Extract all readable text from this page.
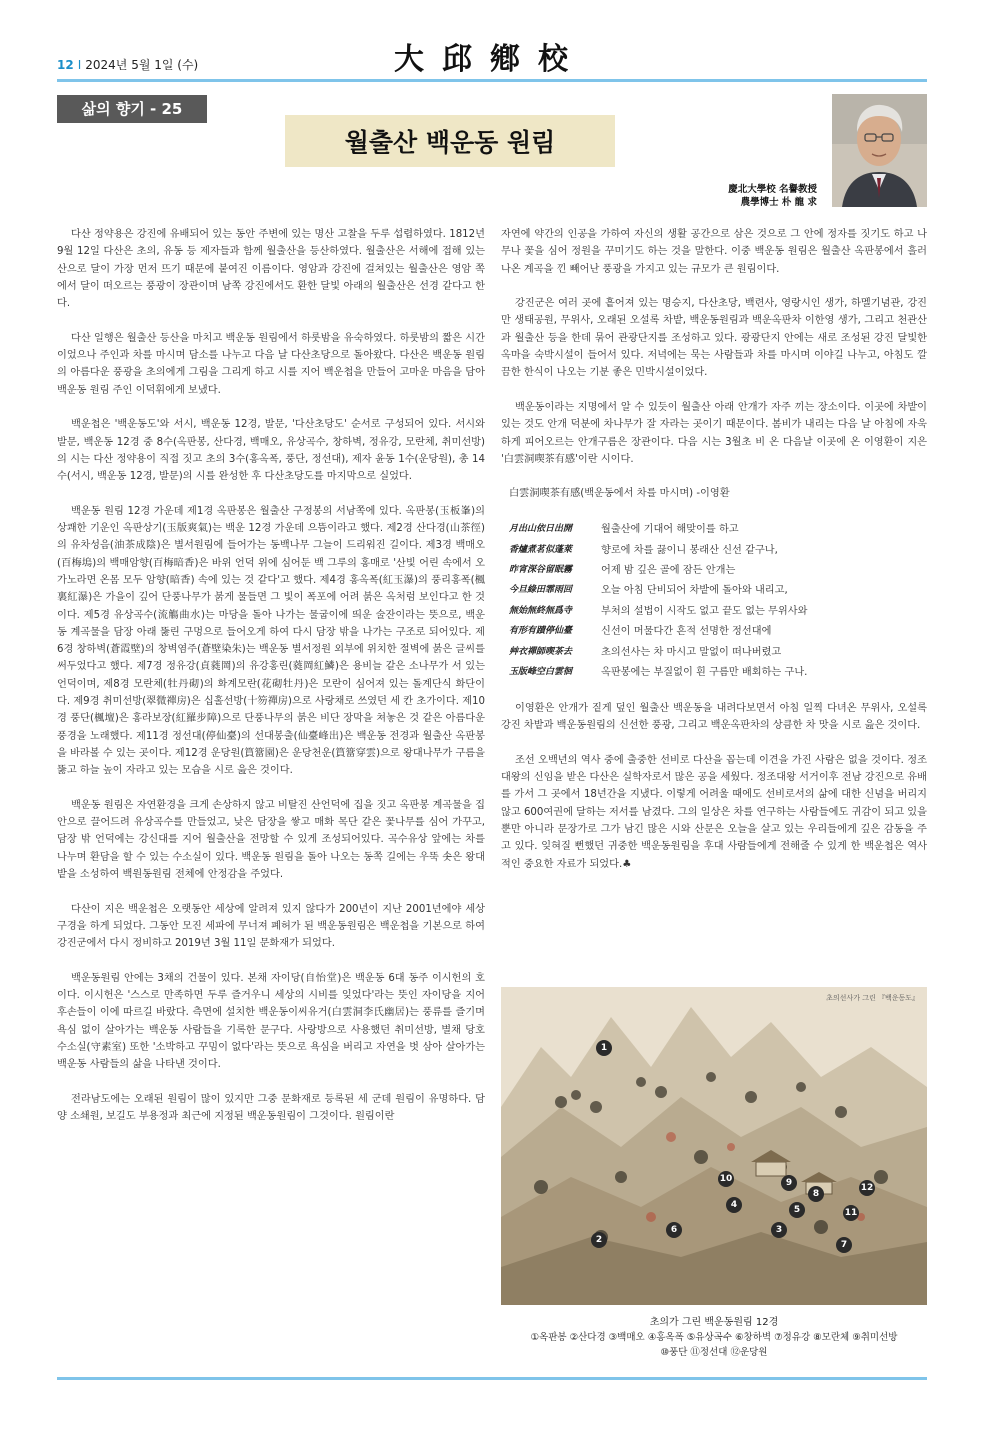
12 I 2024년 5월 1일 (수)	大邱鄕校
삶의 향기 - 25
월출산 백운동 원림
慶北大學校 名譽教授
農學博士 朴 龍 求

다산 정약용은 강진에 유배되어 있는 동안 주변에 있는 명산 고찰을 두루 섭렵하였다. 1812년 9월 12일 다산은 초의, 유동 등 제자들과 함께 월출산을 등산하였다. 월출산은 서해에 접해 있는 산으로 달이 가장 먼저 뜨기 때문에 붙여진 이름이다. 영암과 강진에 걸쳐있는 월출산은 영암 쪽에서 달이 떠오르는 풍광이 장관이며 남쪽 강진에서도 환한 달빛 아래의 월출산은 선경 같다고 한다.

다산 일행은 월출산 등산을 마치고 백운동 원림에서 하룻밤을 유숙하였다. 하룻밤의 짧은 시간이었으나 주인과 차를 마시며 담소를 나누고 다음 날 다산초당으로 돌아왔다. 다산은 백운동 원림의 아름다운 풍광을 초의에게 그림을 그리게 하고 시를 지어 백운첩을 만들어 고마운 마음을 담아 백운동 원림 주인 이덕휘에게 보냈다.

백운첩은 '백운동도'와 서시, 백운동 12경, 발문, '다산초당도' 순서로 구성되어 있다. 서시와 발문, 백운동 12경 중 8수(옥판봉, 산다경, 백매오, 유상곡수, 창하벽, 정유강, 모란체, 취미선방)의 시는 다산 정약용이 직접 짓고 초의 3수(홍옥폭, 풍단, 정선대), 제자 윤동 1수(운당원), 총 14수(서시, 백운동 12경, 발문)의 시를 완성한 후 다산초당도를 마지막으로 실었다.

백운동 원림 12경 가운데 제1경 옥판봉은 월출산 구정봉의 서남쪽에 있다. 옥판봉(玉板峯)의 상쾌한 기운인 옥판상기(玉版爽氣)는 백운 12경 가운데 으뜸이라고 했다. 제2경 산다경(山茶徑)의 유차성음(油茶成陰)은 별서원림에 들어가는 동백나무 그늘이 드리워진 길이다. 제3경 백매오(百梅塢)의 백매암향(百梅暗香)은 바위 언덕 위에 심어둔 백 그루의 홍매로 '산빛 어린 속에서 오가노라면 온몸 모두 암향(暗香) 속에 있는 것 같다'고 했다. 제4경 홍옥폭(紅玉瀑)의 풍리홍폭(楓裏紅瀑)은 가을이 깊어 단풍나무가 붉게 물들면 그 빛이 폭포에 어려 붉은 옥처럼 보인다고 한 것이다. 제5경 유상곡수(流觴曲水)는 마당을 돌아 나가는 물굽이에 띄운 술잔이라는 뜻으로, 백운동 계곡물을 담장 아래 뚫린 구멍으로 들어오게 하여 다시 담장 밖을 나가는 구조로 되어있다. 제6경 창하벽(蒼霞壁)의 창벽염주(蒼壁染朱)는 백운동 별서정원 외부에 위치한 절벽에 붉은 글씨를 써두었다고 했다. 제7경 정유강(貞蕤岡)의 유강홍린(蕤岡紅鱗)은 용비늘 같은 소나무가 서 있는 언덕이며, 제8경 모란체(牡丹砌)의 화계모란(花砌牡丹)은 모란이 심어져 있는 돌계단식 화단이다. 제9경 취미선방(翠微禪房)은 십홀선방(十笏禪房)으로 사랑채로 쓰였던 세 칸 초가이다. 제10경 풍단(楓壇)은 홍라보장(紅羅步障)으로 단풍나무의 붉은 비단 장막을 쳐놓은 것 같은 아름다운 풍경을 노래했다. 제11경 정선대(停仙臺)의 선대봉출(仙臺峰出)은 백운동 전경과 월출산 옥판봉을 바라볼 수 있는 곳이다. 제12경 운당원(篔簹園)은 운당천운(篔簹穿雲)으로 왕대나무가 구름을 뚫고 하늘 높이 자라고 있는 모습을 시로 읊은 것이다.

백운동 원림은 자연환경을 크게 손상하지 않고 비탈진 산언덕에 집을 짓고 옥판봉 계곡물을 집안으로 끌어드려 유상곡수를 만들었고, 낮은 담장을 쌓고 매화 목단 같은 꽃나무를 심어 가꾸고, 담장 밖 언덕에는 강신대를 지어 월출산을 전망할 수 있게 조성되어있다. 곡수유상 앞에는 차를 나누며 환담을 할 수 있는 수소실이 있다. 백운동 원림을 돌아 나오는 동쪽 길에는 우뚝 솟은 왕대밭을 소성하여 백원동원림 전체에 안정감을 주었다.

다산이 지은 백운첩은 오랫동안 세상에 알려져 있지 않다가 200년이 지난 2001년에야 세상구경을 하게 되었다. 그동안 모진 세파에 무너져 폐허가 된 백운동원림은 백운첩을 기본으로 하여 강진군에서 다시 정비하고 2019년 3월 11일 문화재가 되었다.

백운동원림 안에는 3채의 건물이 있다. 본채 자이당(自怡堂)은 백운동 6대 동주 이시헌의 호이다. 이시헌은 '스스로 만족하면 두루 즐거우니 세상의 시비를 잊었다'라는 뜻인 자이당을 지어 후손들이 이에 따르길 바랐다. 측면에 설치한 백운동이씨유거(白雲洞李氏幽居)는 풍류를 즐기며 욕심 없이 살아가는 백운동 사람들을 기록한 문구다. 사랑방으로 사용했던 취미선방, 별채 당호 수소실(守素室) 또한 '소박하고 꾸밈이 없다'라는 뜻으로 욕심을 버리고 자연을 벗 삼아 살아가는 백운동 사람들의 삶을 나타낸 것이다.

전라남도에는 오래된 원림이 많이 있지만 그중 문화재로 등록된 세 군데 원림이 유명하다. 담양 소쇄원, 보길도 부용정과 최근에 지정된 백운동원림이 그것이다. 원림이란

자연에 약간의 인공을 가하여 자신의 생활 공간으로 삼은 것으로 그 안에 정자를 짓기도 하고 나무나 꽃을 심어 정원을 꾸미기도 하는 것을 말한다. 이중 백운동 원림은 월출산 옥판봉에서 흘러나온 계곡을 낀 빼어난 풍광을 가지고 있는 규모가 큰 원림이다.

강진군은 여러 곳에 흩어져 있는 명승지, 다산초당, 백련사, 영랑시인 생가, 하멜기념관, 강진만 생태공원, 무위사, 오래된 오설록 차밭, 백운동원림과 백운옥판차 이한영 생가, 그리고 천관산과 월출산 등을 한데 묶어 관광단지를 조성하고 있다. 광광단지 안에는 새로 조성된 강진 달빛한옥마을 숙박시설이 들어서 있다. 저녁에는 묵는 사람들과 차를 마시며 이야길 나누고, 아침도 깔끔한 한식이 나오는 기분 좋은 민박시설이었다.

백운동이라는 지명에서 알 수 있듯이 월출산 아래 안개가 자주 끼는 장소이다. 이곳에 차밭이 있는 것도 안개 덕분에 차나무가 잘 자라는 곳이기 때문이다. 봄비가 내리는 다음 날 아침에 자욱하게 피어오르는 안개구름은 장관이다. 다음 시는 3월초 비 온 다음날 이곳에 온 이영환이 지은 '白雲洞喫茶有感'이란 시이다.

白雲洞喫茶有感(백운동에서 차를 마시며) -이영환
月出山依日出開	월출산에 기대어 해맞이를 하고
香爐煮茗似蓬萊	향로에 차를 끓이니 봉래산 신선 같구나,
昨宵深谷留眠霧	어제 밤 깊은 골에 잠든 안개는
今旦綠田霏雨回	오늘 아침 단비되어 차밭에 돌아와 내리고,
無始無終無爲寺	부처의 설법이 시작도 없고 끝도 없는 무위사와
有形有蹟停仙臺	신선이 머물다간 흔적 선명한 정선대에
艸衣禪師喫茶去	초의선사는 차 마시고 말없이 떠나버렸고
玉版峰空白雲徊	옥판봉에는 부질없이 흰 구름만 배회하는 구나.

이영환은 안개가 짙게 덮인 월출산 백운동을 내려다보면서 아침 일찍 다녀온 무위사, 오설록 강진 차밭과 백운동원림의 신선한 풍광, 그리고 백운옥판차의 상큼한 차 맛을 시로 읊은 것이다.

조선 오백년의 역사 중에 출중한 선비로 다산을 꼽는데 이견을 가진 사람은 없을 것이다. 정조대왕의 신임을 받은 다산은 실학자로서 많은 공을 세웠다. 정조대왕 서거이후 전남 강진으로 유배를 가서 그 곳에서 18년간을 지냈다. 이렇게 어려울 때에도 선비로서의 삶에 대한 신념을 버리지 않고 600여권에 달하는 저서를 남겼다. 그의 일상은 차를 연구하는 사람들에도 귀감이 되고 있을 뿐만 아니라 문장가로 그가 남긴 많은 시와 산문은 오늘을 살고 있는 우리들에게 깊은 감동을 주고 있다. 잊혀질 뻔했던 귀중한 백운동원림을 후대 사람들에게 전해줄 수 있게 한 백운첩은 역사적인 중요한 자료가 되었다.♣

초의선사가 그린 『백운동도』
1
2
3
4	5
6
7
8
9
10
11
12
초의가 그린 백운동원림 12경
①옥판봉 ②산다경 ③백매오 ④홍옥폭 ⑤유상곡수 ⑥창하벽 ⑦정유강 ⑧모란체 ⑨취미선방
⑩풍단 ⑪정선대 ⑫운당원
